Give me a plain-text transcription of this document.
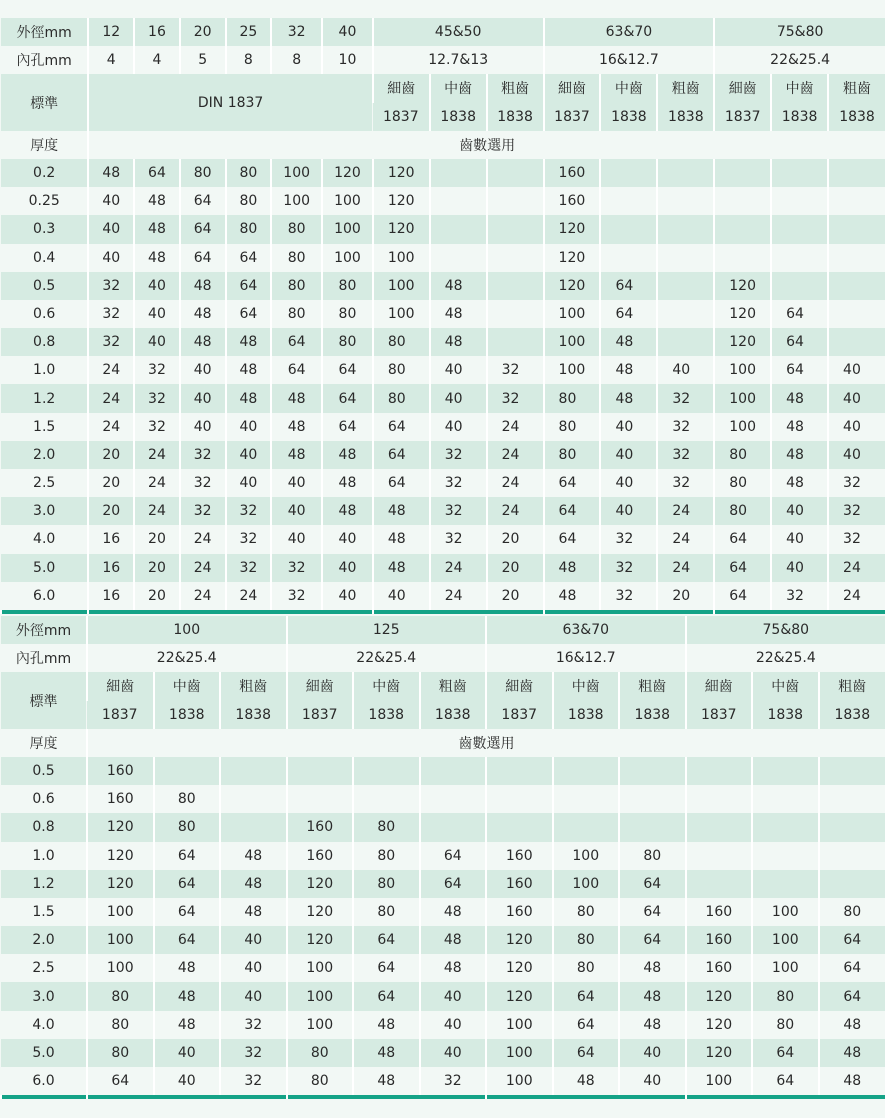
外徑mm	12	16	20	25	32	40	45&50			63&70			75&80		
內孔mm	4	4	5	8	8	10	12.7&13			16&12.7			22&25.4		
標準	DIN 1837						細齒	中齒	粗齒	細齒	中齒	粗齒	細齒	中齒	粗齒
							1837	1838	1838	1837	1838	1838	1837	1838	1838
厚度	齒數選用														
0.2	48	64	80	80	100	120	120			160					
0.25	40	48	64	80	100	100	120			160					
0.3	40	48	64	80	80	100	120			120					
0.4	40	48	64	64	80	100	100			120					
0.5	32	40	48	64	80	80	100	48		120	64		120		
0.6	32	40	48	64	80	80	100	48		100	64		120	64	
0.8	32	40	48	48	64	80	80	48		100	48		120	64	
1.0	24	32	40	48	64	64	80	40	32	100	48	40	100	64	40
1.2	24	32	40	48	48	64	80	40	32	80	48	32	100	48	40
1.5	24	32	40	40	48	64	64	40	24	80	40	32	100	48	40
2.0	20	24	32	40	48	48	64	32	24	80	40	32	80	48	40
2.5	20	24	32	40	40	48	64	32	24	64	40	32	80	48	32
3.0	20	24	32	32	40	48	48	32	24	64	40	24	80	40	32
4.0	16	20	24	32	40	40	48	32	20	64	32	24	64	40	32
5.0	16	20	24	32	32	40	48	24	20	48	32	24	64	40	24
6.0	16	20	24	24	32	40	40	24	20	48	32	20	64	32	24

外徑mm	100			125			63&70			75&80		
內孔mm	22&25.4			22&25.4			16&12.7			22&25.4		
標準	細齒	中齒	粗齒	細齒	中齒	粗齒	細齒	中齒	粗齒	細齒	中齒	粗齒
	1837	1838	1838	1837	1838	1838	1837	1838	1838	1837	1838	1838
厚度	齒數選用											
0.5	160											
0.6	160	80										
0.8	120	80		160	80							
1.0	120	64	48	160	80	64	160	100	80			
1.2	120	64	48	120	80	64	160	100	64			
1.5	100	64	48	120	80	48	160	80	64	160	100	80
2.0	100	64	40	120	64	48	120	80	64	160	100	64
2.5	100	48	40	100	64	48	120	80	48	160	100	64
3.0	80	48	40	100	64	40	120	64	48	120	80	64
4.0	80	48	32	100	48	40	100	64	48	120	80	48
5.0	80	40	32	80	48	40	100	64	40	120	64	48
6.0	64	40	32	80	48	32	100	48	40	100	64	48
